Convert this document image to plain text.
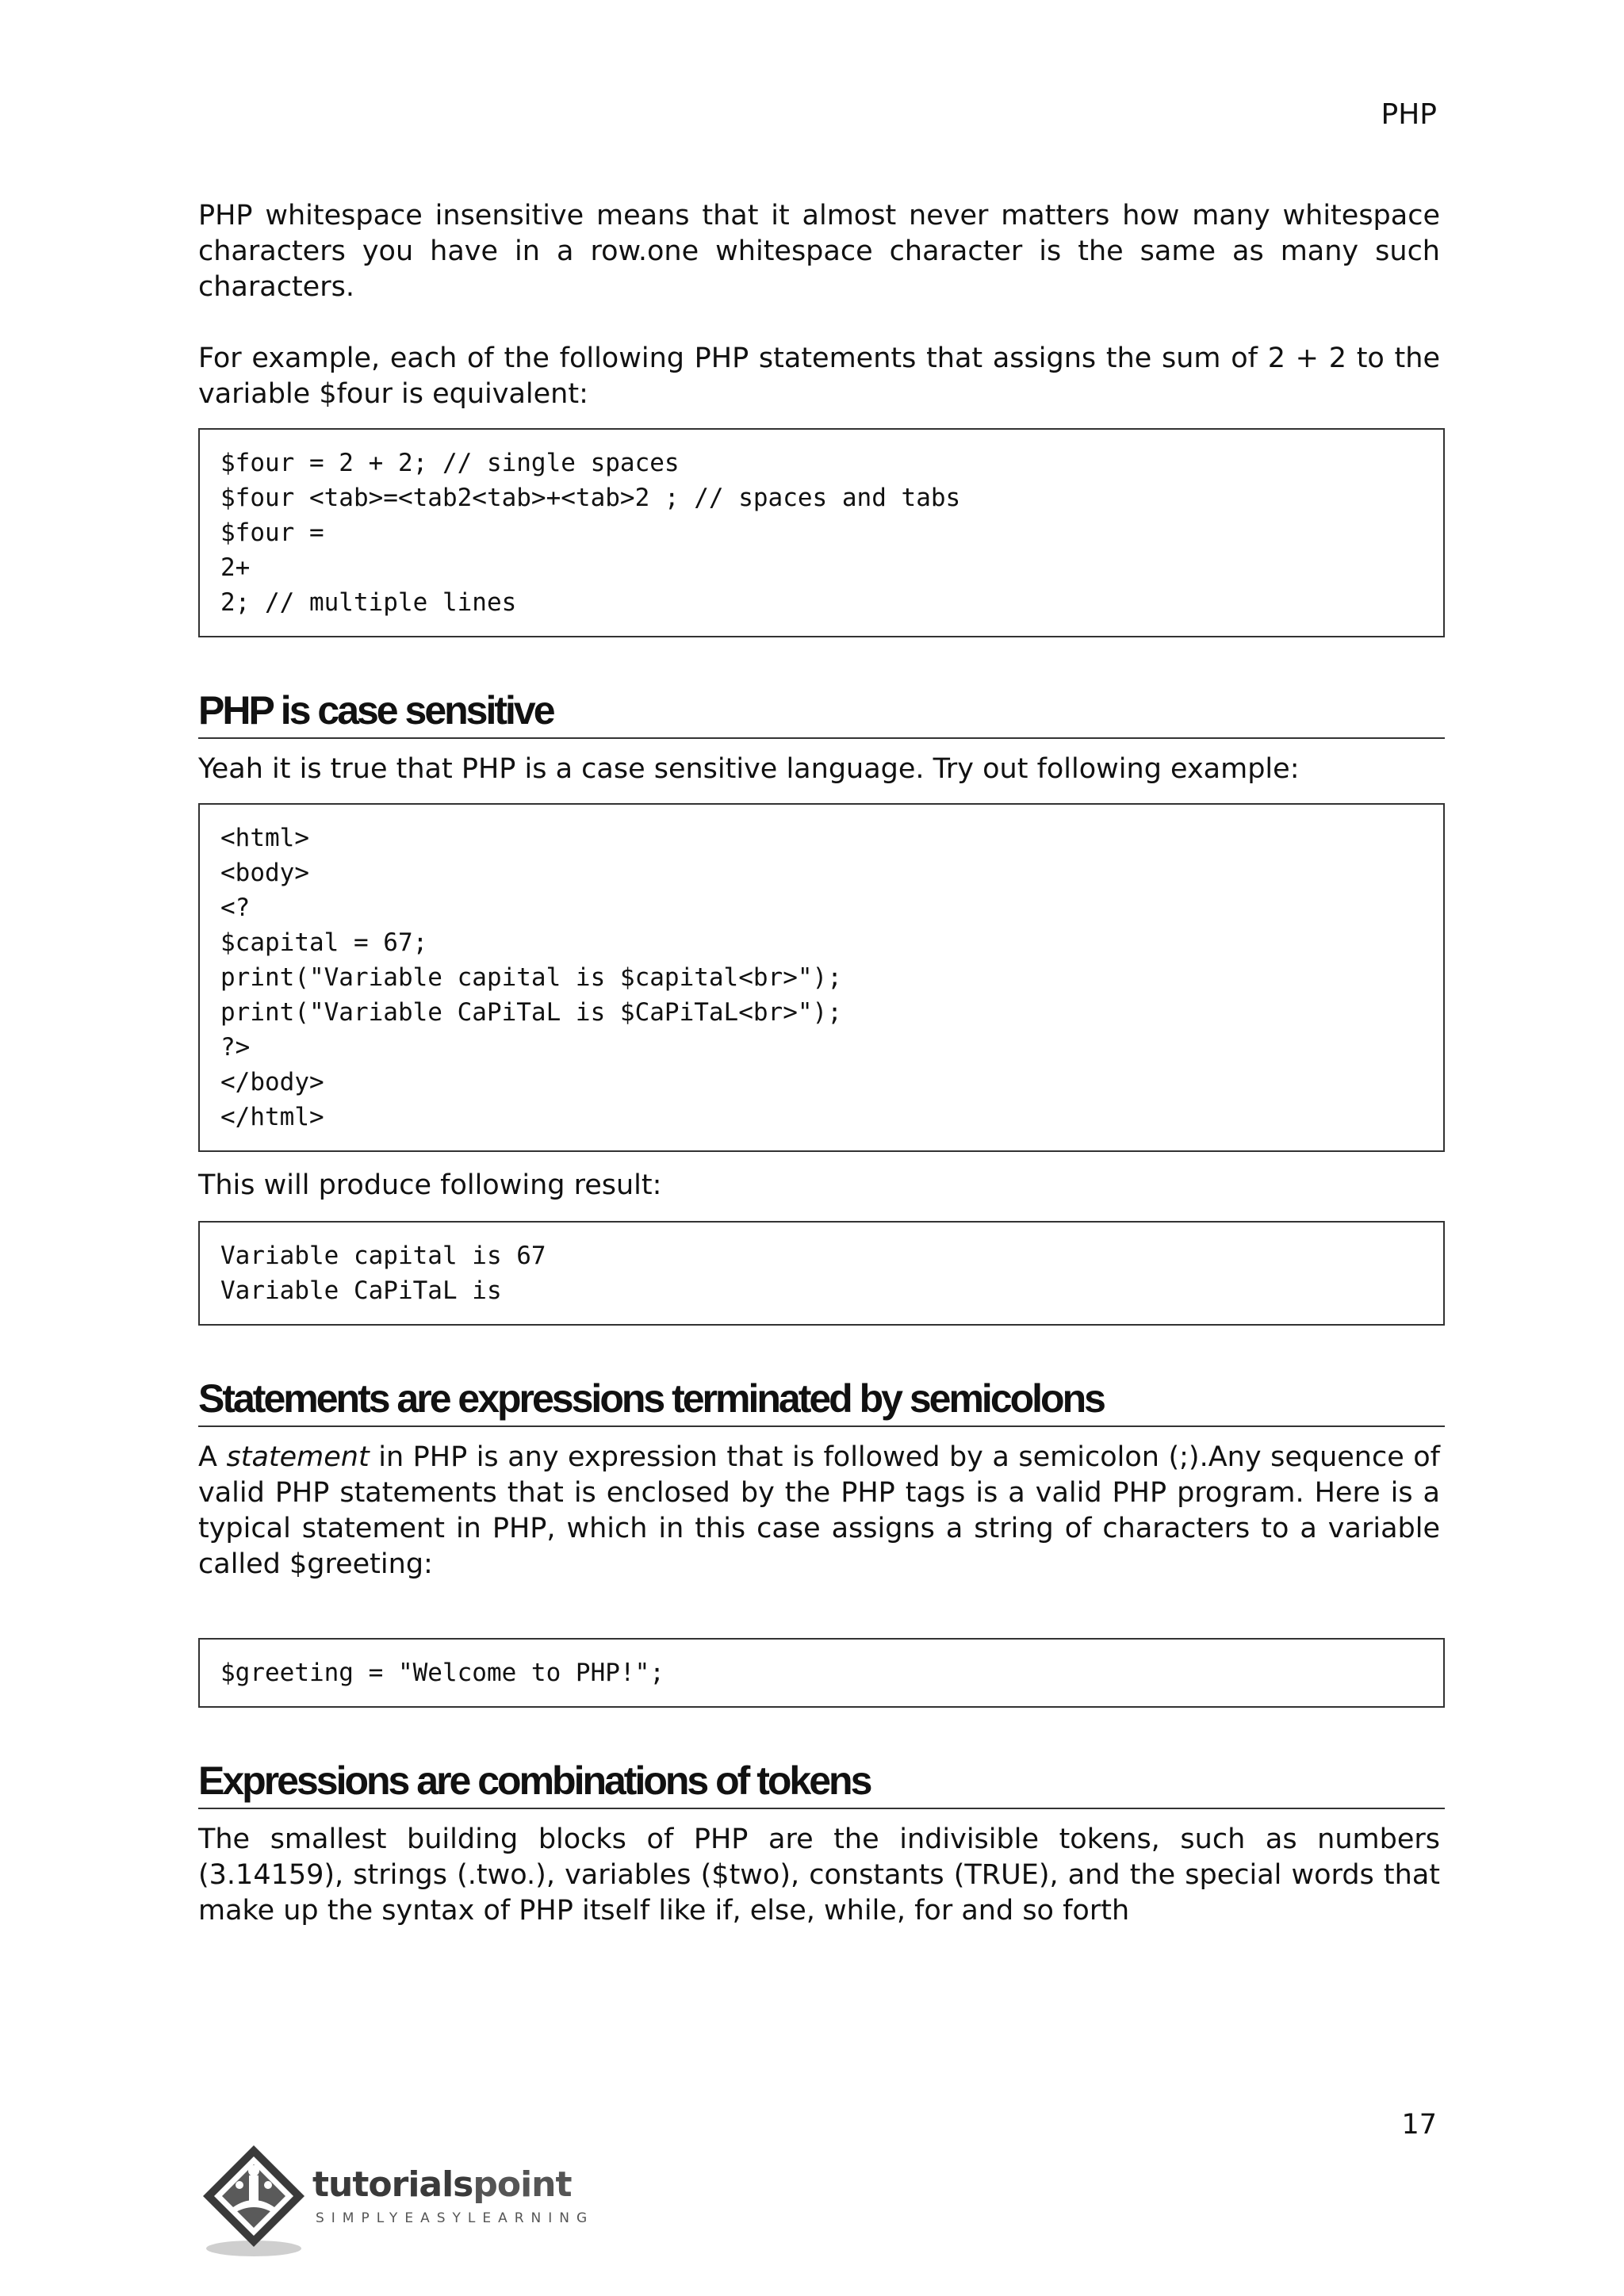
PHP

PHP whitespace insensitive means that it almost never matters how many whitespace characters you have in a row.one whitespace character is the same as many such characters.

For example, each of the following PHP statements that assigns the sum of 2 + 2 to the variable $four is equivalent:

$four = 2 + 2; // single spaces
$four <tab>=<tab2<tab>+<tab>2 ; // spaces and tabs
$four =
2+
2; // multiple lines
PHP is case sensitive

Yeah it is true that PHP is a case sensitive language. Try out following example:

<html>
<body>
<?
$capital = 67;
print("Variable capital is $capital<br>");
print("Variable CaPiTaL is $CaPiTaL<br>");
?>
</body>
</html>

This will produce following result:

Variable capital is 67
Variable CaPiTaL is
Statements are expressions terminated by semicolons

A statement in PHP is any expression that is followed by a semicolon (;).Any sequence of valid PHP statements that is enclosed by the PHP tags is a valid PHP program. Here is a typical statement in PHP, which in this case assigns a string of characters to a variable called $greeting:

$greeting = "Welcome to PHP!";
Expressions are combinations of tokens

The smallest building blocks of PHP are the indivisible tokens, such as numbers (3.14159), strings (.two.), variables ($two), constants (TRUE), and the special words that make up the syntax of PHP itself like if, else, while, for and so forth

17
tutorialspoint
SIMPLYEASYLEARNING
